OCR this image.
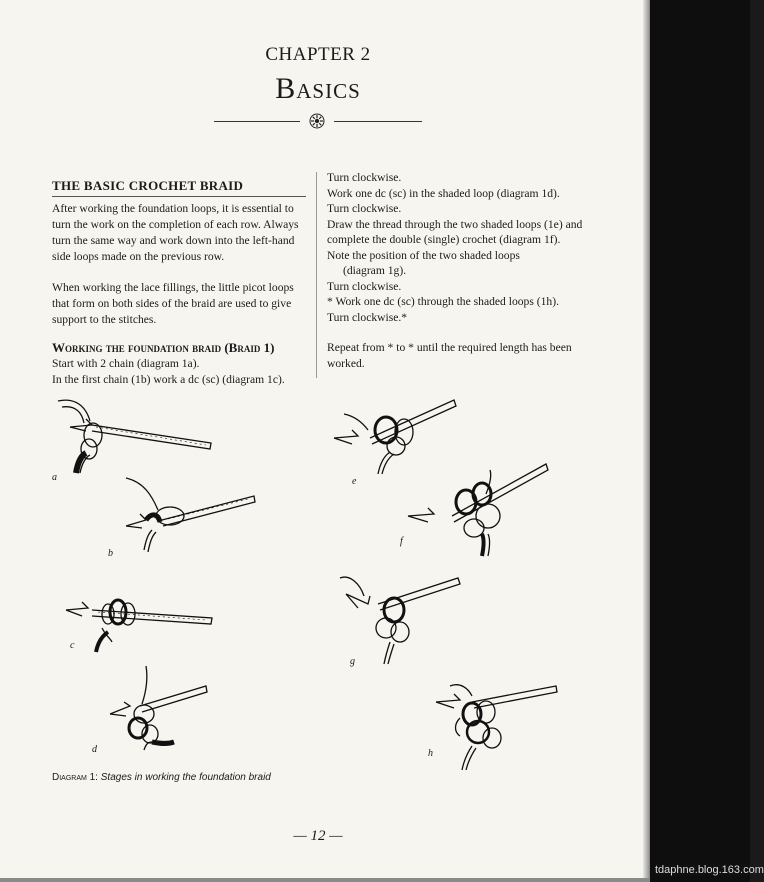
CHAPTER 2
Basics
THE BASIC CROCHET BRAID

After working the foundation loops, it is essential to turn the work on the completion of each row. Always turn the same way and work down into the left-hand side loops made on the previous row.

When working the lace fillings, the little picot loops that form on both sides of the braid are used to give support to the stitches.

Working the foundation braid (Braid 1)

Start with 2 chain (diagram 1a).

In the first chain (1b) work a dc (sc) (diagram 1c).

Turn clockwise.

Work one dc (sc) in the shaded loop (diagram 1d).

Turn clockwise.

Draw the thread through the two shaded loops (1e) and complete the double (single) crochet (diagram 1f).

Note the position of the two shaded loops

(diagram 1g).

Turn clockwise.

* Work one dc (sc) through the shaded loops (1h).

Turn clockwise.*

Repeat from * to * until the required length has been worked.

a
b
c
d
e
f
g
h
Diagram 1: Stages in working the foundation braid
— 12 —
tdaphne.blog.163.com
